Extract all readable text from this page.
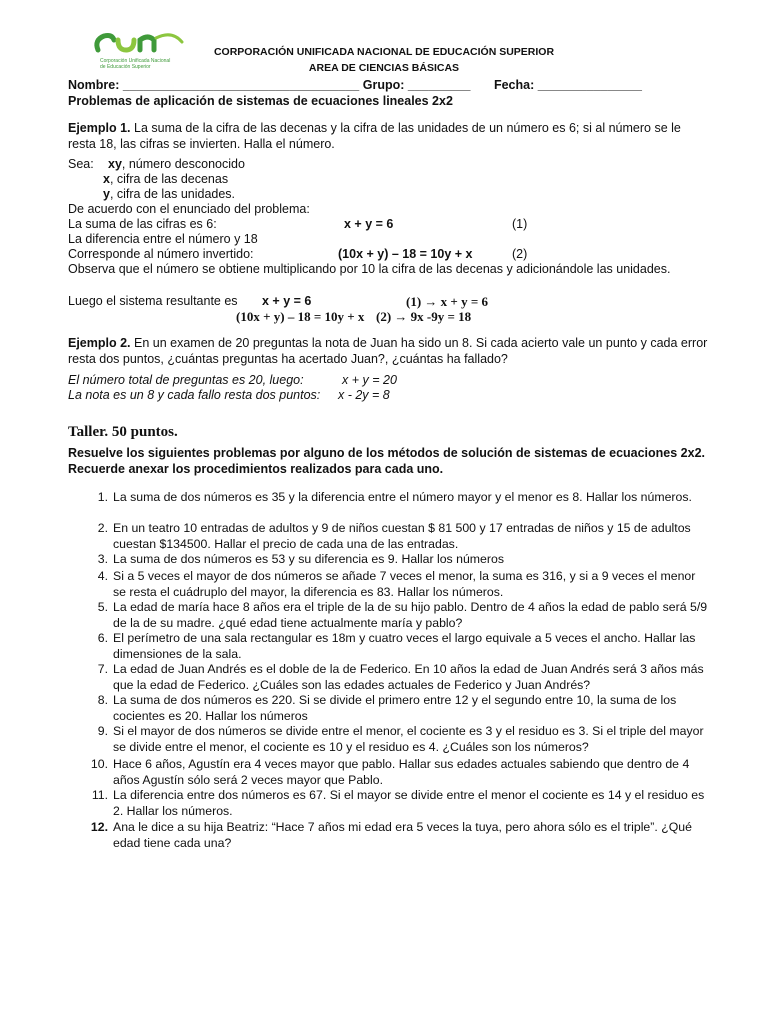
Corporación Unificada Nacional
de Educación Superior
CORPORACIÓN UNIFICADA NACIONAL DE EDUCACIÓN SUPERIOR
AREA DE CIENCIAS BÁSICAS
Nombre: __________________________________ Grupo: _________ Fecha: _______________
Problemas de aplicación de sistemas de ecuaciones lineales 2x2
Ejemplo 1. La suma de la cifra de las decenas y la cifra de las unidades de un número es 6; si al número se le resta 18, las cifras se invierten. Halla el número.
Sea: xy, número desconocido
x, cifra de las decenas
y, cifra de las unidades.
De acuerdo con el enunciado del problema:
La suma de las cifras es 6:	x + y = 6	(1)
La diferencia entre el número y 18
Corresponde al número invertido:	(10x + y) – 18 = 10y + x	(2)
Observa que el número se obtiene multiplicando por 10 la cifra de las decenas y adicionándole las unidades.
Luego el sistema resultante es x + y = 6	(1) → x + y = 6
(10x + y) – 18 = 10y + x (2) → 9x -9y = 18
Ejemplo 2. En un examen de 20 preguntas la nota de Juan ha sido un 8. Si cada acierto vale un punto y cada error resta dos puntos, ¿cuántas preguntas ha acertado Juan?, ¿cuántas ha fallado?
El número total de preguntas es 20, luego:	x + y = 20
La nota es un 8 y cada fallo resta dos puntos: x - 2y = 8
Taller. 50 puntos.
Resuelve los siguientes problemas por alguno de los métodos de solución de sistemas de ecuaciones 2x2. Recuerde anexar los procedimientos realizados para cada uno.
1. La suma de dos números es 35 y la diferencia entre el número mayor y el menor es 8. Hallar los números.
2. En un teatro 10 entradas de adultos y 9 de niños cuestan $ 81 500 y 17 entradas de niños y 15 de adultos cuestan $134500. Hallar el precio de cada una de las entradas.
3. La suma de dos números es 53 y su diferencia es 9. Hallar los números
4. Si a 5 veces el mayor de dos números se añade 7 veces el menor, la suma es 316, y si a 9 veces el menor se resta el cuádruplo del mayor, la diferencia es 83. Hallar los números.
5. La edad de maría hace 8 años era el triple de la de su hijo pablo. Dentro de 4 años la edad de pablo será 5/9 de la de su madre. ¿qué edad tiene actualmente maría y pablo?
6. El perímetro de una sala rectangular es 18m y cuatro veces el largo equivale a 5 veces el ancho. Hallar las dimensiones de la sala.
7. La edad de Juan Andrés es el doble de la de Federico. En 10 años la edad de Juan Andrés será 3 años más que la edad de Federico. ¿Cuáles son las edades actuales de Federico y Juan Andrés?
8. La suma de dos números es 220. Si se divide el primero entre 12 y el segundo entre 10, la suma de los cocientes es 20. Hallar los números
9. Si el mayor de dos números se divide entre el menor, el cociente es 3 y el residuo es 3. Si el triple del mayor se divide entre el menor, el cociente es 10 y el residuo es 4. ¿Cuáles son los números?
10. Hace 6 años, Agustín era 4 veces mayor que pablo. Hallar sus edades actuales sabiendo que dentro de 4 años Agustín sólo será 2 veces mayor que Pablo.
11. La diferencia entre dos números es 67. Si el mayor se divide entre el menor el cociente es 14 y el residuo es 2. Hallar los números.
12. Ana le dice a su hija Beatriz: “Hace 7 años mi edad era 5 veces la tuya, pero ahora sólo es el triple”. ¿Qué edad tiene cada una?
